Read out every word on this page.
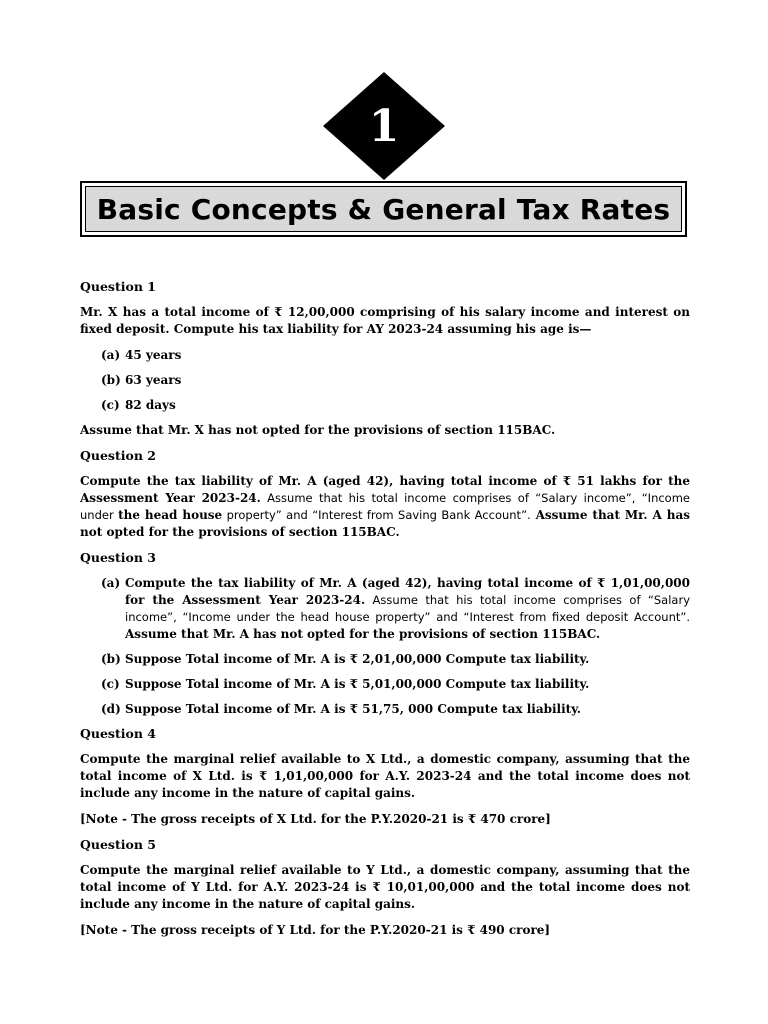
1
Basic Concepts & General Tax Rates
Question 1

Mr. X has a total income of ₹ 12,00,000 comprising of his salary income and interest on fixed deposit. Compute his tax liability for AY 2023-24 assuming his age is—

(a) 45 years
(b) 63 years
(c) 82 days

Assume that Mr. X has not opted for the provisions of section 115BAC.

Question 2

Compute the tax liability of Mr. A (aged 42), having total income of ₹ 51 lakhs for the Assessment Year 2023-24. Assume that his total income comprises of “Salary income”, “Income under the head house property” and “Interest from Saving Bank Account”. Assume that Mr. A has not opted for the provisions of section 115BAC.

Question 3
(a) Compute the tax liability of Mr. A (aged 42), having total income of ₹ 1,01,00,000 for the Assessment Year 2023-24. Assume that his total income comprises of “Salary income”, “Income under the head house property” and “Interest from fixed deposit Account”. Assume that Mr. A has not opted for the provisions of section 115BAC.
(b) Suppose Total income of Mr. A is ₹ 2,01,00,000 Compute tax liability.
(c) Suppose Total income of Mr. A is ₹ 5,01,00,000 Compute tax liability.
(d) Suppose Total income of Mr. A is ₹ 51,75, 000 Compute tax liability.
Question 4

Compute the marginal relief available to X Ltd., a domestic company, assuming that the total income of X Ltd. is ₹ 1,01,00,000 for A.Y. 2023-24 and the total income does not include any income in the nature of capital gains.

[Note - The gross receipts of X Ltd. for the P.Y.2020-21 is ₹ 470 crore]

Question 5

Compute the marginal relief available to Y Ltd., a domestic company, assuming that the total income of Y Ltd. for A.Y. 2023-24 is ₹ 10,01,00,000 and the total income does not include any income in the nature of capital gains.

[Note - The gross receipts of Y Ltd. for the P.Y.2020-21 is ₹ 490 crore]
